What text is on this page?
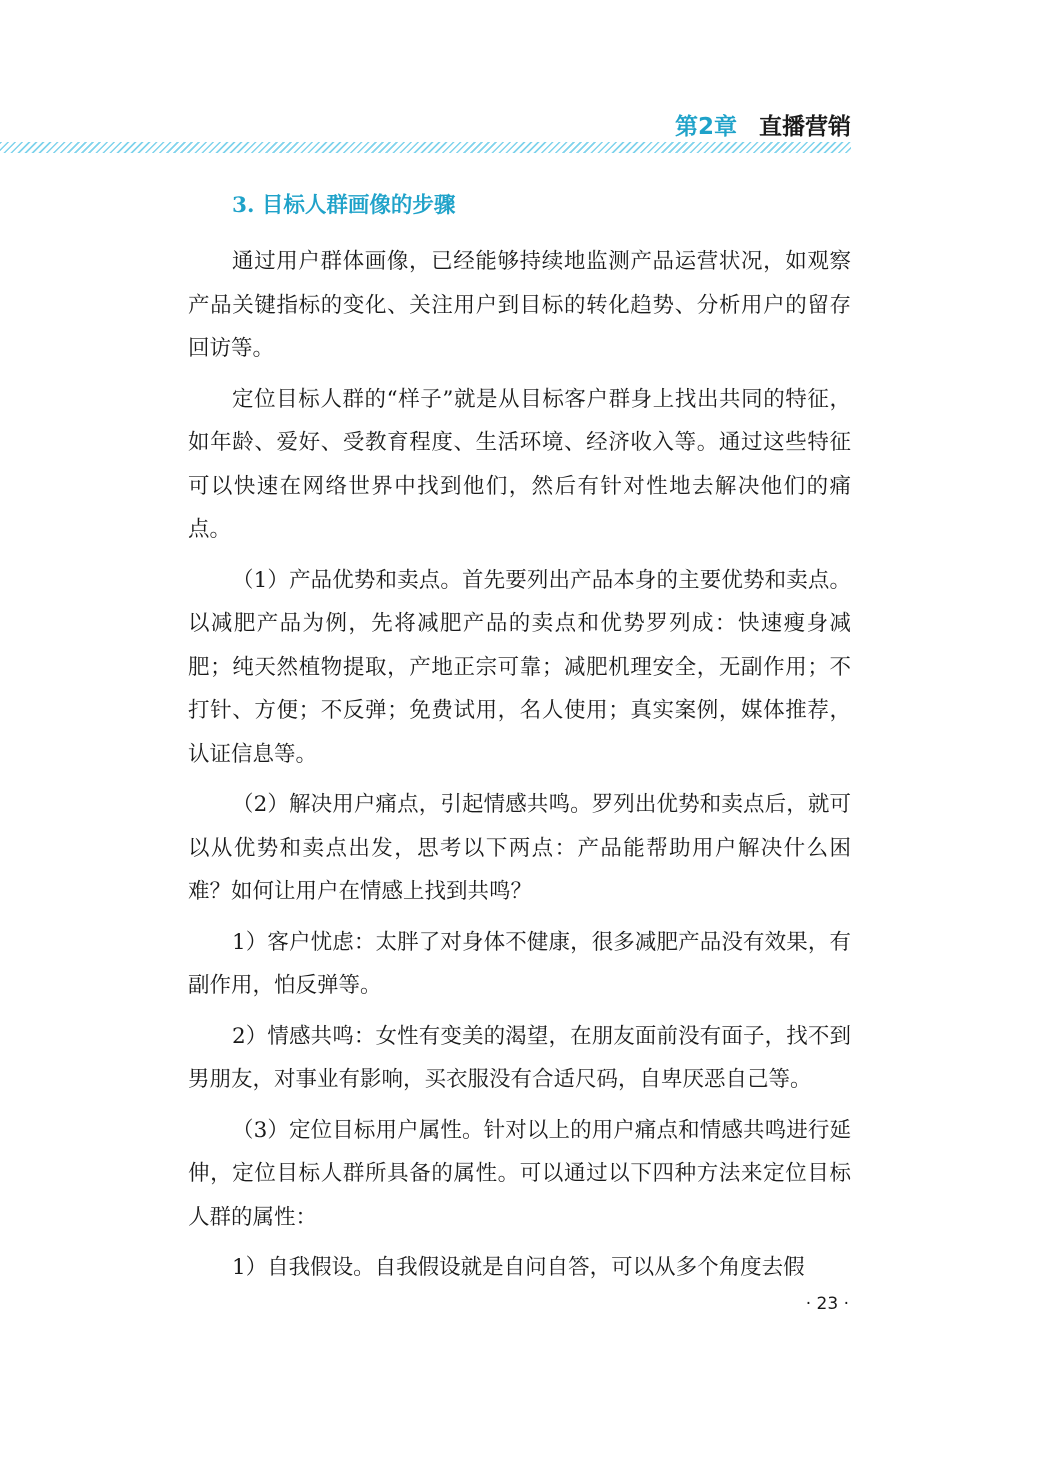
第2章 直播营销
3. 目标人群画像的步骤

通过用户群体画像，已经能够持续地监测产品运营状况，如观察产品关键指标的变化、关注用户到目标的转化趋势、分析用户的留存回访等。

定位目标人群的“样子”就是从目标客户群身上找出共同的特征，如年龄、爱好、受教育程度、生活环境、经济收入等。通过这些特征可以快速在网络世界中找到他们，然后有针对性地去解决他们的痛点。

（1）产品优势和卖点。首先要列出产品本身的主要优势和卖点。以减肥产品为例，先将减肥产品的卖点和优势罗列成：快速瘦身减肥；纯天然植物提取，产地正宗可靠；减肥机理安全，无副作用；不打针、方便；不反弹；免费试用，名人使用；真实案例，媒体推荐，认证信息等。

（2）解决用户痛点，引起情感共鸣。罗列出优势和卖点后，就可以从优势和卖点出发，思考以下两点：产品能帮助用户解决什么困难？如何让用户在情感上找到共鸣？

1）客户忧虑：太胖了对身体不健康，很多减肥产品没有效果，有副作用，怕反弹等。

2）情感共鸣：女性有变美的渴望，在朋友面前没有面子，找不到男朋友，对事业有影响，买衣服没有合适尺码，自卑厌恶自己等。

（3）定位目标用户属性。针对以上的用户痛点和情感共鸣进行延伸，定位目标人群所具备的属性。可以通过以下四种方法来定位目标人群的属性：

1）自我假设。自我假设就是自问自答，可以从多个角度去假

· 23 ·
